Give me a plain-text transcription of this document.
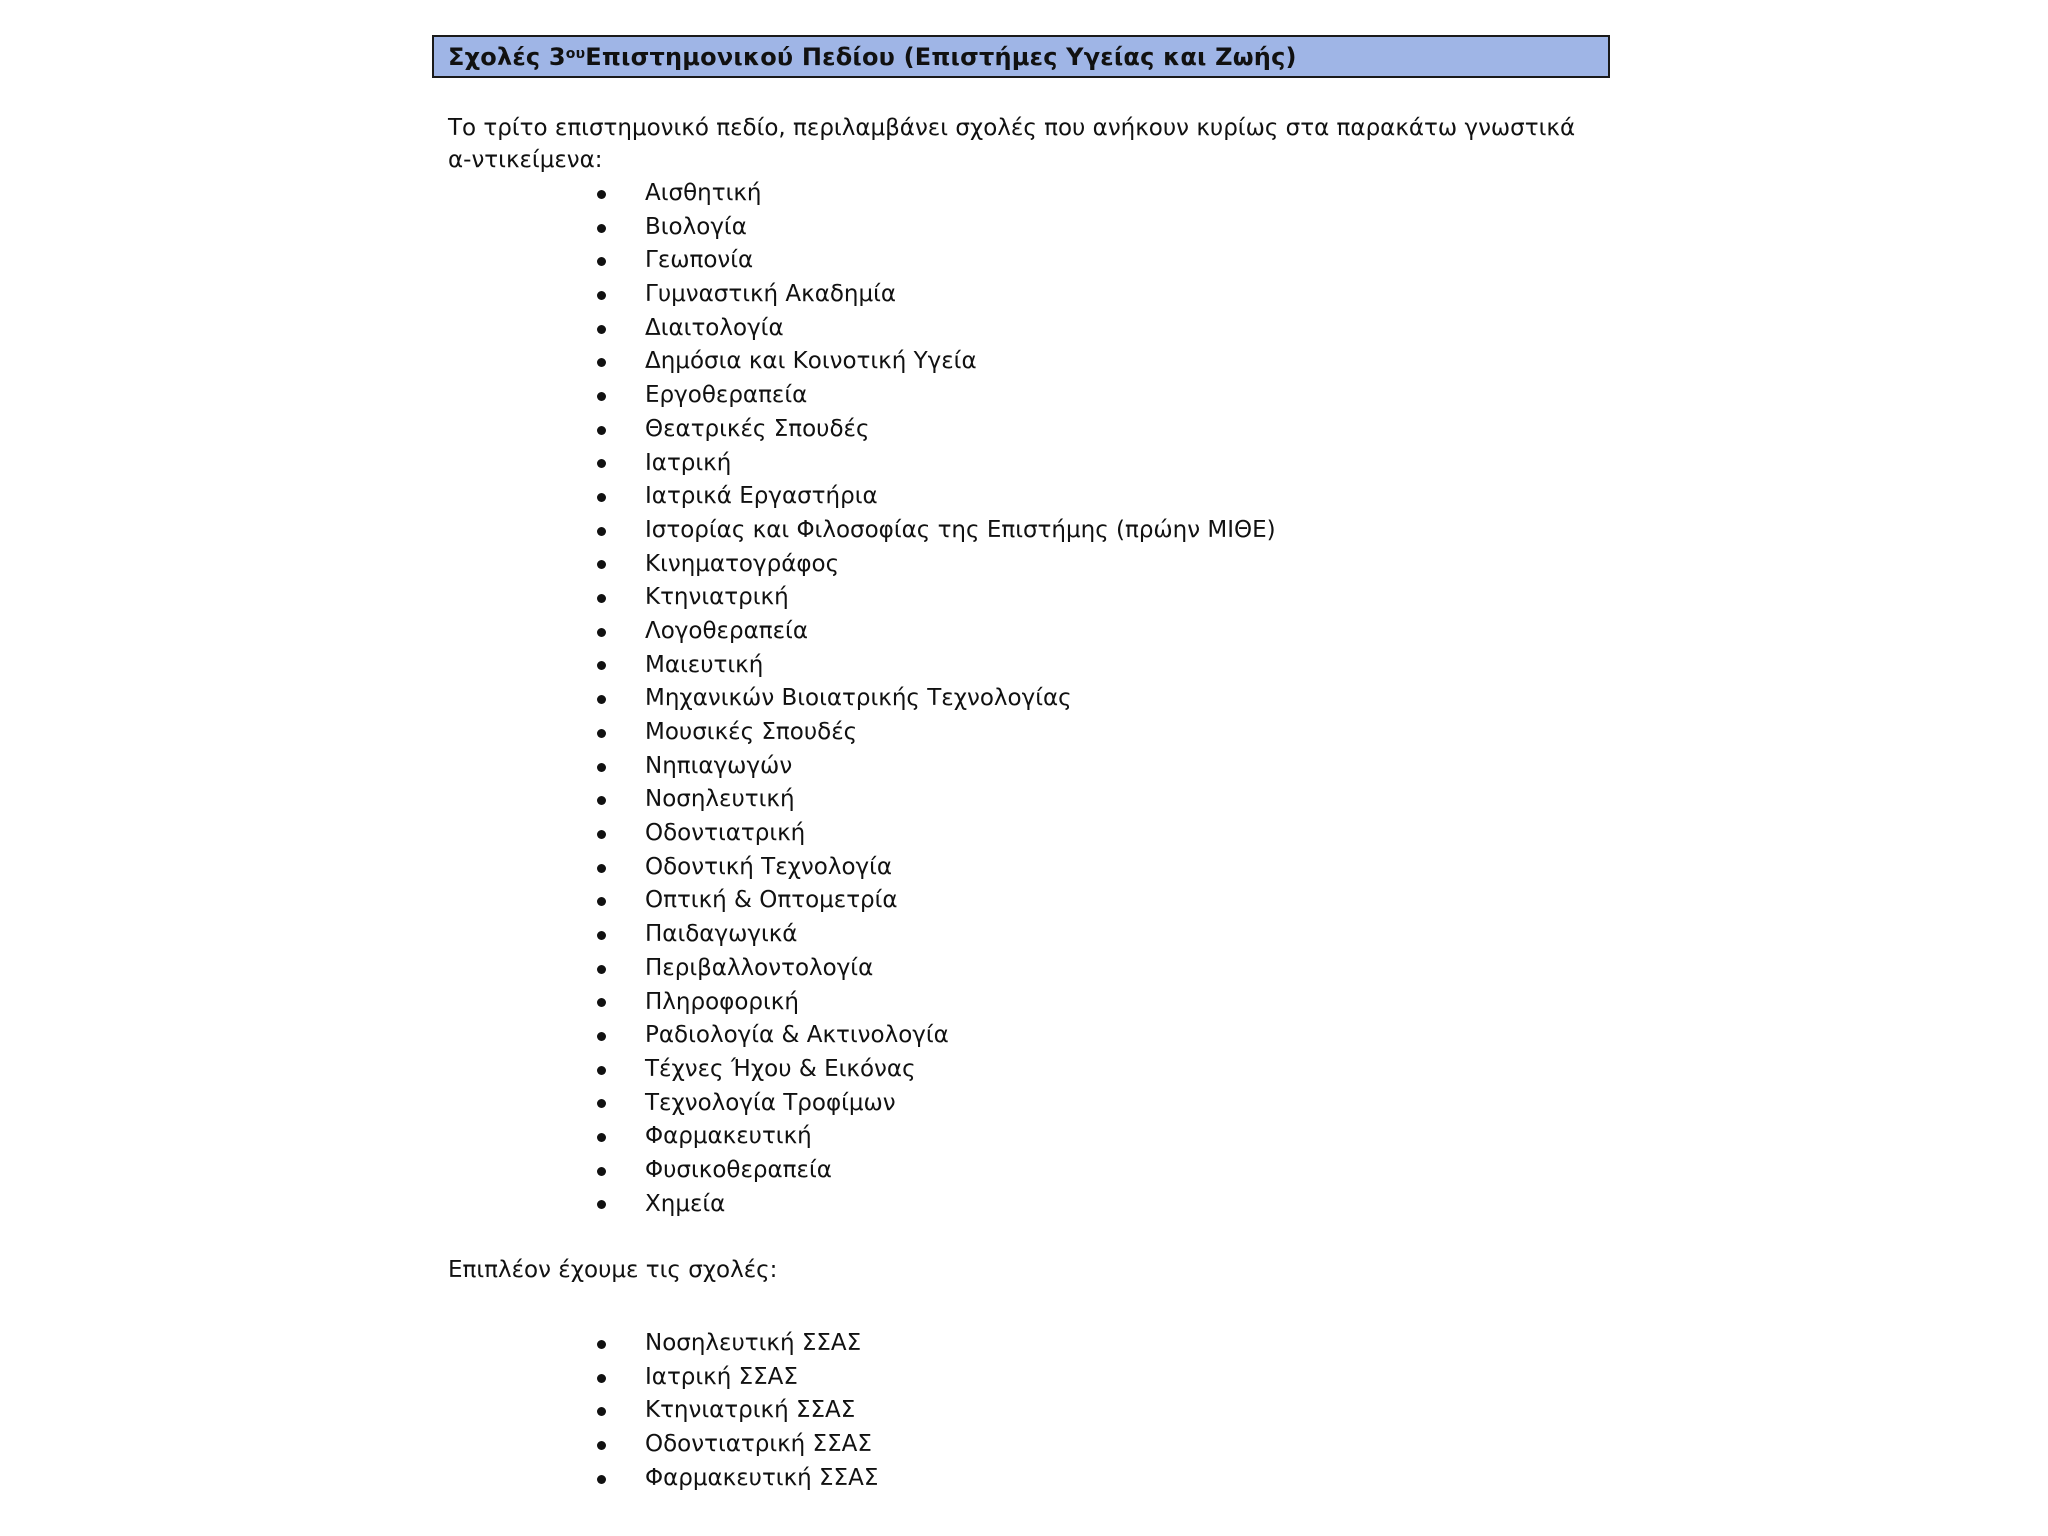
Σχολές $3^{o\upsilon}$ Επιστημονικού Πεδίου (Επιστήμες Υγείας και Ζωής)
Το τρίτο επιστημονικό πεδίο, περιλαμβάνει σχολές που ανήκουν κυρίως στα παρακάτω γνωστικά α-ντικείμενα:
Αισθητική
Βιολογία
Γεωπονία
Γυμναστική Ακαδημία
Διαιτολογία
Δημόσια και Κοινοτική Υγεία
Εργοθεραπεία
Θεατρικές Σπουδές
Ιατρική
Ιατρικά Εργαστήρια
Ιστορίας και Φιλοσοφίας της Επιστήμης (πρώην ΜΙΘΕ)
Κινηματογράφος
Κτηνιατρική
Λογοθεραπεία
Μαιευτική
Μηχανικών Βιοιατρικής Τεχνολογίας
Μουσικές Σπουδές
Νηπιαγωγών
Νοσηλευτική
Οδοντιατρική
Οδοντική Τεχνολογία
Οπτική & Οπτομετρία
Παιδαγωγικά
Περιβαλλοντολογία
Πληροφορική
Ραδιολογία & Ακτινολογία
Τέχνες Ήχου & Εικόνας
Τεχνολογία Τροφίμων
Φαρμακευτική
Φυσικοθεραπεία
Χημεία
Επιπλέον έχουμε τις σχολές:
Νοσηλευτική ΣΣΑΣ
Ιατρική ΣΣΑΣ
Κτηνιατρική ΣΣΑΣ
Οδοντιατρική ΣΣΑΣ
Φαρμακευτική ΣΣΑΣ
